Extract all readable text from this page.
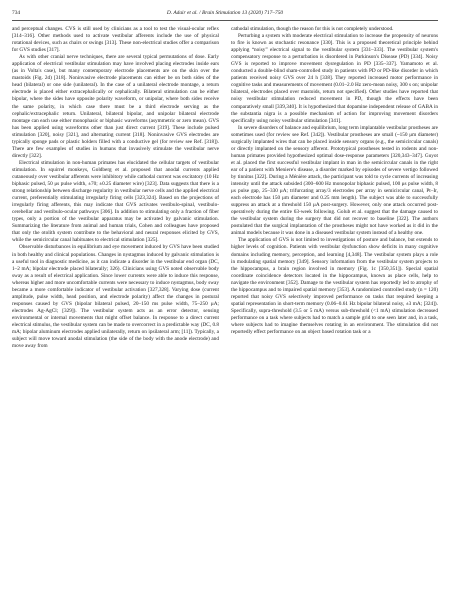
734	D. Adair et al. / Brain Stimulation 13 (2020) 717–750

and perceptual changes. CVS is still used by clinicians as a tool to test the visual-ocular reflex [314–316]. Other methods used to activate vestibular afferents include the use of physical rotational devices, such as chairs or swings [313]. These non-electrical studies offer a comparison for GVS studies [317].

As with other cranial nerve techniques, there are several typical permutations of dose. Early application of electrical vestibular stimulation may have involved placing electrodes inside ears (as in Volta's case), but many contemporary electrode placements are on the skin over the mastoids (Fig. 2d) [318]. Noninvasive electrode placements can either be on both sides of the head (bilateral) or one side (unilateral). In the case of a unilateral electrode montage, a return electrode is placed either extracephalically or cephalically. Bilateral stimulation can be either bipolar, where the sides have opposite polarity waveform, or unipolar, where both sides receive the same polarity, in which case there must be a third electrode serving as the cephalic/extracephalic return. Unilateral, bilateral bipolar, and unipolar bilateral electrode montage can each use either monophasic or biphasic waveforms (asymmetric or zero mean). GVS has been applied using waveforms other than just direct current [319]. These include pulsed stimulation [320], noisy [321], and alternating current [318]. Noninvasive GVS electrodes are typically sponge pads or plastic holders filled with a conductive gel (for review see Ref. [318]). There are few examples of studies in humans that invasively stimulate the vestibular nerve directly [322].

Electrical stimulation in non-human primates has elucidated the cellular targets of vestibular stimulation. In squirrel monkeys, Goldberg et al. proposed that anodal currents applied cutaneously over vestibular afferents were inhibitory while cathodal current was excitatory (10 Hz biphasic pulsed, 50 μs pulse width, ±70; ±0.25 diameter wire) [323]. Data suggests that there is a strong relationship between discharge regularity in vestibular nerve cells and the applied electrical current, preferentially stimulating irregularly firing cells [323,324]. Based on the projections of irregularly firing afferents, this may indicate that GVS activates vestibulo-spinal, vestibulo-cerebellar and vestibulo-ocular pathways [306]. In addition to stimulating only a fraction of fiber types, only a portion of the vestibular apparatus may be activated by galvanic stimulation. Summarizing the literature from animal and human trials, Cohen and colleagues have proposed that only the otolith system contribute to the behavioral and neural responses elicited by GVS, while the semicircular canal habituates to electrical stimulation [325].

Observable disturbances in equilibrium and eye movement induced by GVS have been studied in both healthy and clinical populations. Changes in nystagmus induced by galvanic stimulation is a useful tool in diagnostic medicine, as it can indicate a disorder in the vestibular end organ (DC, 1–2 mA; bipolar electrode placed bilaterally; 326). Clinicians using GVS noted observable body sway as a result of electrical application. Since lower currents were able to induce this response, whereas higher and more uncomfortable currents were necessary to induce nystagmus, body sway became a more comfortable indicator of vestibular activation [327,328]. Varying dose (current amplitude, pulse width, head position, and electrode polarity) affect the changes in postural responses caused by GVS (bipolar bilateral pulsed, 20–150 ms pulse width, 75–250 μA; electrodes Ag-AgCl; [329]). The vestibular system acts as an error detector, sensing environmental or internal movements that might offset balance. In response to a direct current electrical stimulus, the vestibular system can be made to overcorrect in a predictable way (DC, 0.8 mA; bipolar aluminum electrodes applied unilaterally, return on ipsilateral arm; [11]). Typically, a subject will move toward anodal stimulation (the side of the body with the anode electrode) and move away from

cathodal stimulation, though the reason for this is not completely understood.

Perturbing a system with moderate electrical stimulation to increase the propensity of neurons to fire is known as stochastic resonance [330]. This is a proposed theoretical principle behind applying “noisy” electrical signal to the vestibular system [331–333]. The vestibular system's compensatory response to a perturbation is disordered in Parkinson's Disease (PD) [334]. Noisy GVS is reported to improve movement dysregulation in PD [335–337]. Yamamoto et al. conducted a double-blind sham-controlled study in patients with PD or PD-like disorder in which patients received noisy GVS over 24 h [338]. They reported increased motor performance in cognitive tasks and measurements of movement (0.01–2.0 Hz zero-mean noisy, 300 s on; unipolar bilateral, electrodes placed over mastoids, return not specified). Other studies have reported that noisy vestibular stimulation reduced movement in PD, though the effects have been comparatively small [339,340]. It is hypothesized that dopamine independent release of GABA in the substantia nigra is a possible mechanism of action for improving movement disorders specifically using noisy vestibular stimulation [341].

In severe disorders of balance and equilibrium, long term implantable vestibular prostheses are sometimes used (for review see Ref. [342]). Vestibular prostheses are small (~150 μm diameter) surgically implanted wires that can be placed inside sensory organs (e.g., the semicircular canals) or directly implanted on the sensory afferent. Prototypical prostheses tested in rodents and non-human primates provided hypothesized optimal dose-response parameters [320,343–347]. Guyot et al. placed the first successful vestibular implant in man in the semicircular canals in the right ear of a patient with Meniere's disease, a disorder marked by episodes of severe vertigo followed by tinnitus [322]. During a Ménière attack, the participant was told to cycle currents of increasing intensity until the attack subsided (300–600 Hz monopolar biphasic pulsed, 100 μs pulse width, 8 μs pulse gap, 25–330 μA; trifurcating array/3 electrodes per array in semicircular canal, Pt–Ir, each electrode has 150 μm diameter and 0.25 mm length). The subject was able to successfully suppress an attack at a threshold 150 μA post-surgery. However, only one attack occurred post-operatively during the entire 63-week following. Golub et al. suggest that the damage caused to the vestibular system during the surgery that did not recover to baseline [322]. The authors postulated that the surgical implantation of the prostheses might not have worked as it did in the animal models because it was done in a diseased vestibular system instead of a healthy one.

The application of GVS is not limited to investigations of posture and balance, but extends to higher levels of cognition. Patients with vestibular dysfunction show deficits in many cognitive domains including memory, perception, and learning [4,348]. The vestibular system plays a role in modulating spatial memory [349]. Sensory information from the vestibular system projects to the hippocampus, a brain region involved in memory (Fig. 1c [350,351]). Special spatial coordinate coincidence detectors located in the hippocampus, known as place cells, help to navigate the environment [352]. Damage to the vestibular system has reportedly led to atrophy of the hippocampus and to impaired spatial memory [353]. A randomized controlled study (n = 120) reported that noisy GVS selectively improved performance on tasks that required keeping a spatial representation in short-term memory (0.06–0.61 Hz bipolar bilateral noisy, ±3 mA; [324]). Specifically, supra-threshold (3.5 or 5 mA) versus sub-threshold (<1 mA) stimulation decreased performance on a task where subjects had to match a sample grid to one seen later and, in a task, where subjects had to imagine themselves rotating in an environment. The stimulation did not reportedly effect performance on an object based rotation task or a
